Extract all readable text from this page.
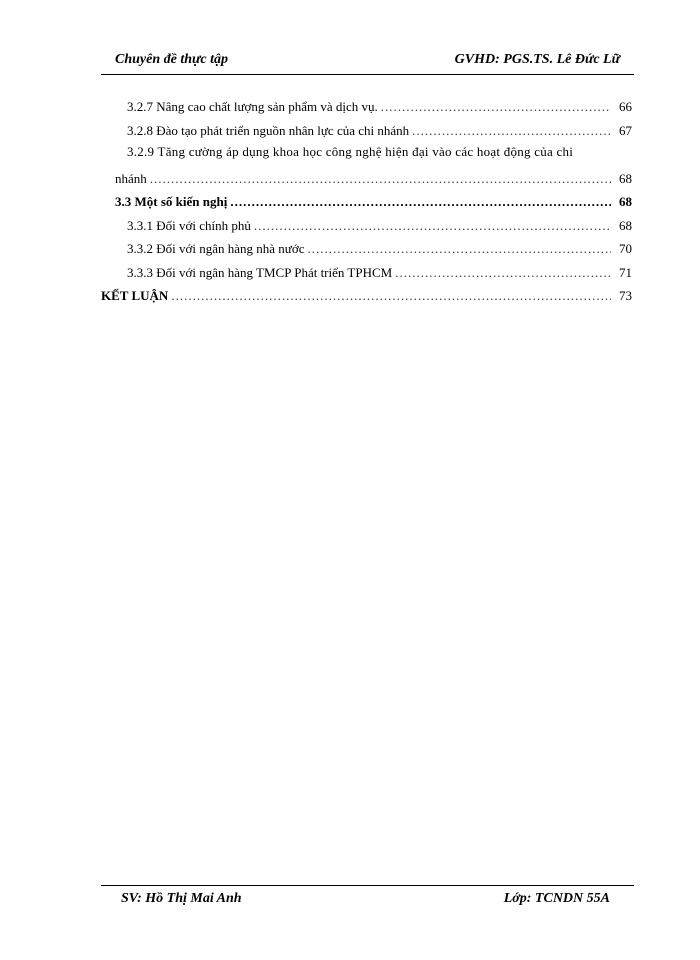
Chuyên đề thực tập	GVHD: PGS.TS. Lê Đức Lữ
3.2.7 Nâng cao chất lượng sản phẩm và dịch vụ. .....	66
3.2.8 Đào tạo phát triển nguồn nhân lực của chi nhánh .....	67
3.2.9 Tăng cường áp dụng khoa học công nghệ hiện đại vào các hoạt động của chi
nhánh .....	68
3.3 Một số kiến nghị .....	68
3.3.1 Đối với chính phủ .....	68
3.3.2 Đối với ngân hàng nhà nước .....	70
3.3.3 Đối với ngân hàng TMCP Phát triển TPHCM .....	71
KẾT LUẬN .....	73
SV: Hồ Thị Mai Anh	Lớp: TCNDN 55A
